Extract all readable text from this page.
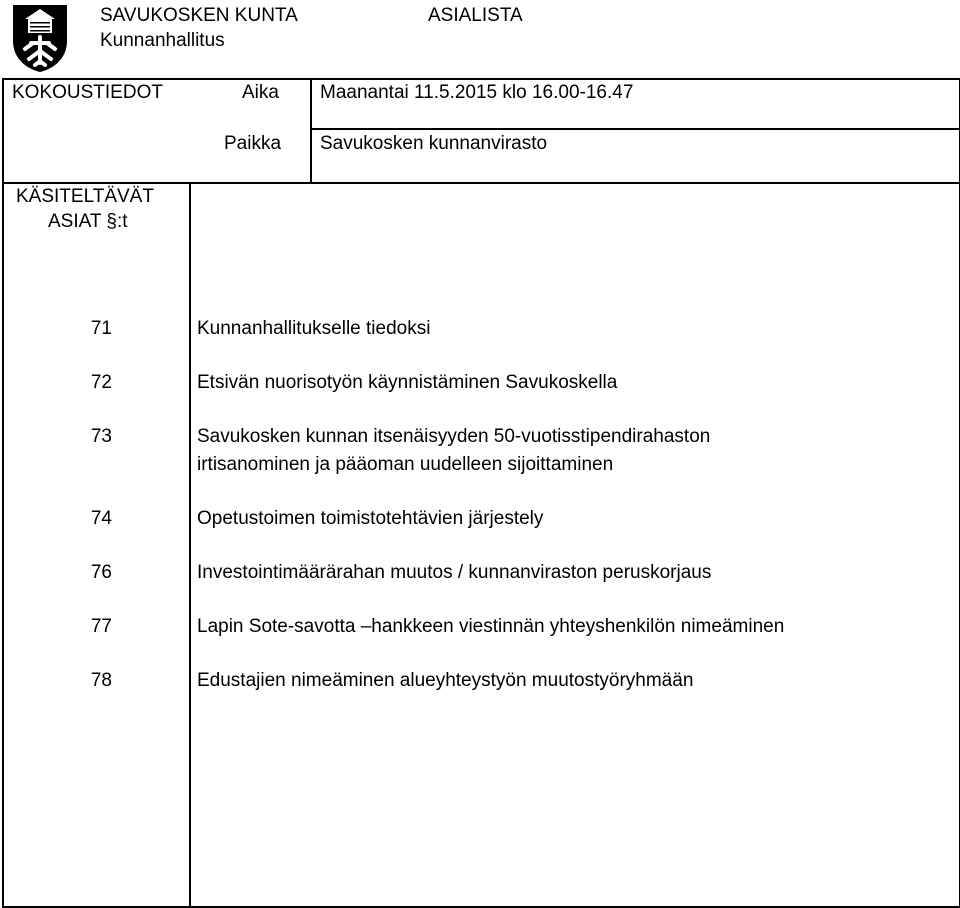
SAVUKOSKEN KUNTA
Kunnanhallitus
ASIALISTA
KOKOUSTIEDOT	Aika Maanantai 11.5.2015 klo 16.00-16.47
Paikka Savukosken kunnanvirasto
KÄSITELTÄVÄT
ASIAT §:t
71	Kunnanhallitukselle tiedoksi
72	Etsivän nuorisotyön käynnistäminen Savukoskella
73	Savukosken kunnan itsenäisyyden 50-vuotisstipendirahaston
irtisanominen ja pääoman uudelleen sijoittaminen
74	Opetustoimen toimistotehtävien järjestely
76	Investointimäärärahan muutos / kunnanviraston peruskorjaus
77	Lapin Sote-savotta –hankkeen viestinnän yhteyshenkilön nimeäminen
78	Edustajien nimeäminen alueyhteystyön muutostyöryhmään
